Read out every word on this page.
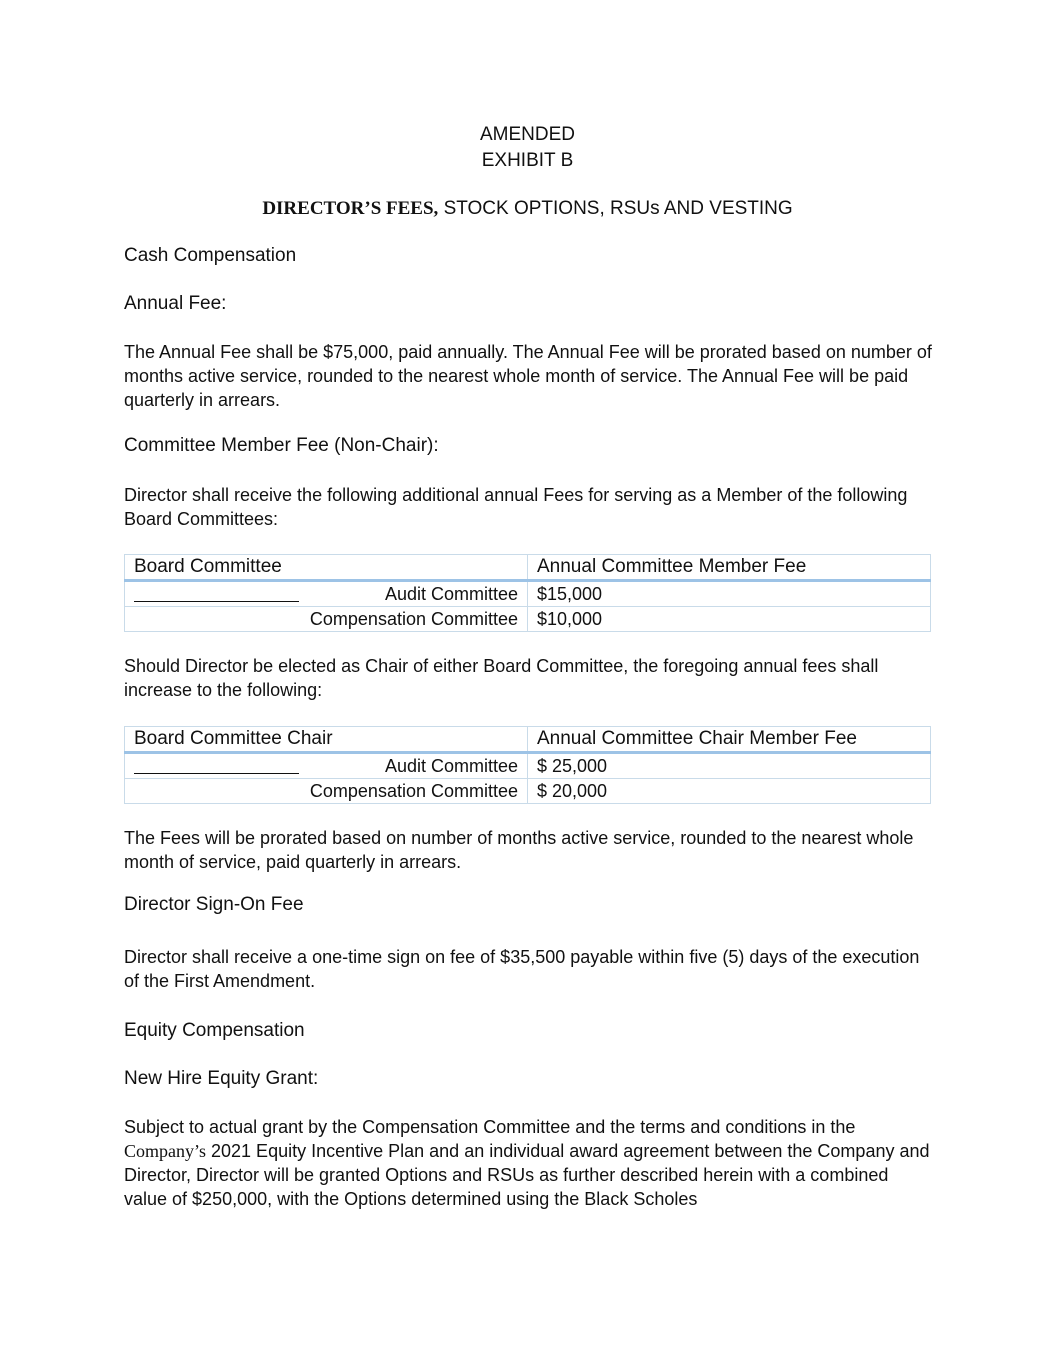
AMENDED
EXHIBIT B
DIRECTOR’S FEES, STOCK OPTIONS, RSUs AND VESTING
Cash Compensation
Annual Fee:
The Annual Fee shall be $75,000, paid annually. The Annual Fee will be prorated based on number of months active service, rounded to the nearest whole month of service. The Annual Fee will be paid quarterly in arrears.
Committee Member Fee (Non-Chair):
Director shall receive the following additional annual Fees for serving as a Member of the following Board Committees:
Board Committee	Annual Committee Member Fee

Audit Committee	$15,000
Compensation Committee	$10,000
Should Director be elected as Chair of either Board Committee, the foregoing annual fees shall increase to the following:
Board Committee Chair	Annual Committee Chair Member Fee

Audit Committee	$ 25,000
Compensation Committee	$ 20,000
The Fees will be prorated based on number of months active service, rounded to the nearest whole month of service, paid quarterly in arrears.
Director Sign-On Fee
Director shall receive a one-time sign on fee of $35,500 payable within five (5) days of the execution of the First Amendment.
Equity Compensation
New Hire Equity Grant:
Subject to actual grant by the Compensation Committee and the terms and conditions in the Company’s 2021 Equity Incentive Plan and an individual award agreement between the Company and Director, Director will be granted Options and RSUs as further described herein with a combined value of $250,000, with the Options determined using the Black Scholes
